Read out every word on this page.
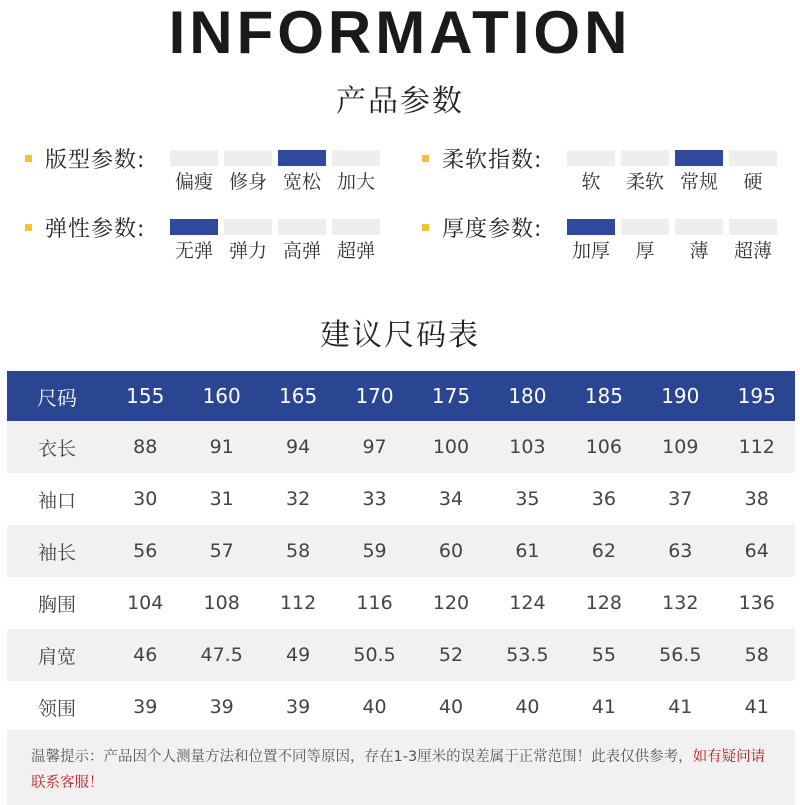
INFORMATION
产品参数
版型参数:
偏瘦 修身 宽松 加大
柔软指数:
软	柔软 常规	硬
弹性参数:
无弹 弹力 高弹 超弹
厚度参数:
加厚	厚	薄	超薄
建议尺码表
尺码	155	160	165	170	175	180	185	190	195
衣长	88	91	94	97	100	103	106	109	112
袖口	30	31	32	33	34	35	36	37	38
袖长	56	57	58	59	60	61	62	63	64
胸围	104	108	112	116	120	124	128	132	136
肩宽	46	47.5	49	50.5	52	53.5	55	56.5	58
领围	39	39	39	40	40	40	41	41	41
温馨提示：产品因个人测量方法和位置不同等原因，存在1-3厘米的误差属于正常范围！此表仅供参考，如有疑问请联系客服！
